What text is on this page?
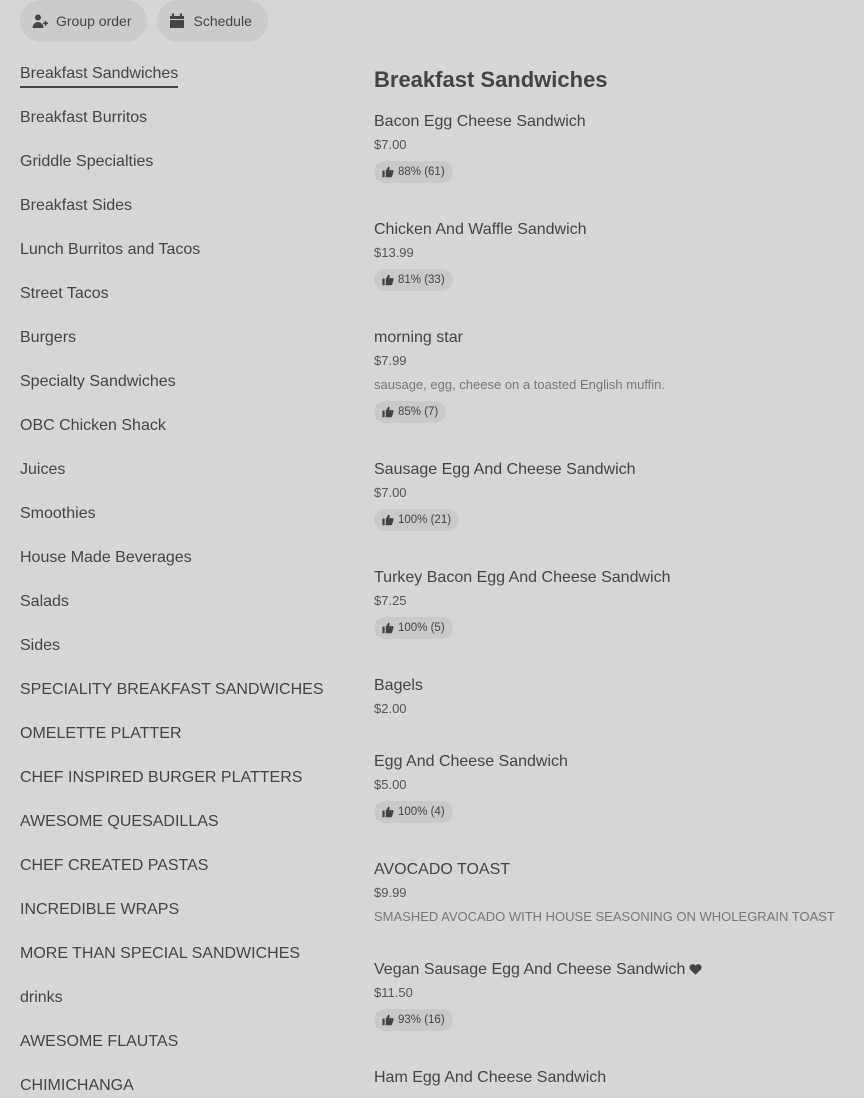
Group order	Schedule
Breakfast Sandwiches
Breakfast Burritos
Griddle Specialties
Breakfast Sides
Lunch Burritos and Tacos
Street Tacos
Burgers
Specialty Sandwiches
OBC Chicken Shack
Juices
Smoothies
House Made Beverages
Salads
Sides
SPECIALITY BREAKFAST SANDWICHES
OMELETTE PLATTER
CHEF INSPIRED BURGER PLATTERS
AWESOME QUESADILLAS
CHEF CREATED PASTAS
INCREDIBLE WRAPS
MORE THAN SPECIAL SANDWICHES
drinks
AWESOME FLAUTAS
CHIMICHANGA
Breakfast Sandwiches
Bacon Egg Cheese Sandwich
$7.00
88% (61)
Chicken And Waffle Sandwich
$13.99
81% (33)
morning star
$7.99
sausage, egg, cheese on a toasted English muffin.
85% (7)
Sausage Egg And Cheese Sandwich
$7.00
100% (21)
Turkey Bacon Egg And Cheese Sandwich
$7.25
100% (5)
Bagels
$2.00
Egg And Cheese Sandwich
$5.00
100% (4)
AVOCADO TOAST
$9.99
SMASHED AVOCADO WITH HOUSE SEASONING ON WHOLEGRAIN TOAST
Vegan Sausage Egg And Cheese Sandwich
$11.50
93% (16)
Ham Egg And Cheese Sandwich
